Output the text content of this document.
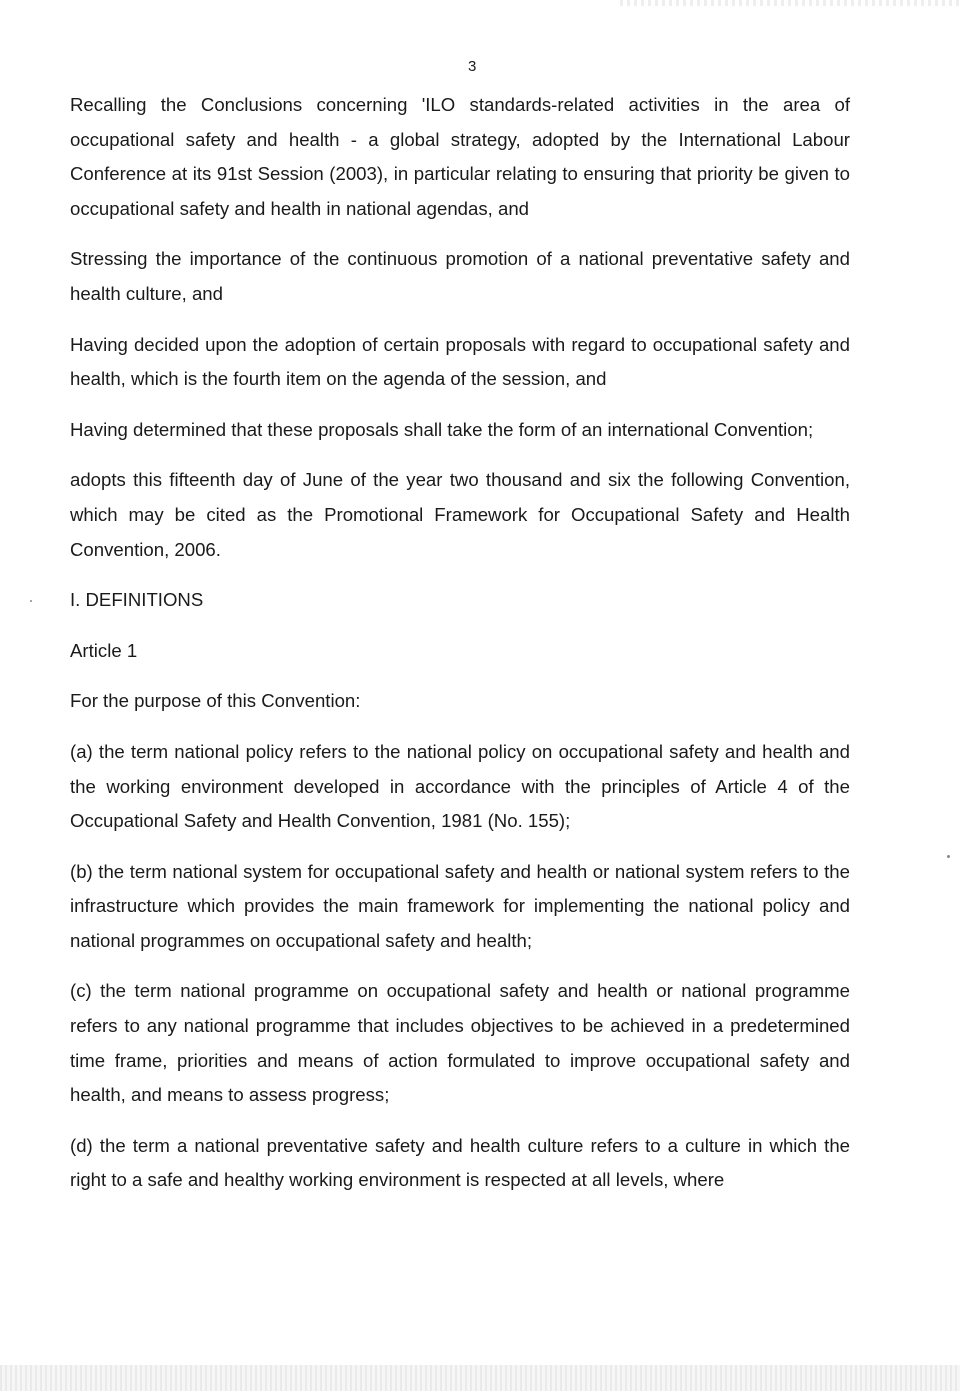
3

Recalling the Conclusions concerning 'ILO standards-related activities in the area of occupational safety and health - a global strategy, adopted by the International Labour Conference at its 91st Session (2003), in particular relating to ensuring that priority be given to occupational safety and health in national agendas, and

Stressing the importance of the continuous promotion of a national preventative safety and health culture, and

Having decided upon the adoption of certain proposals with regard to occupational safety and health, which is the fourth item on the agenda of the session, and

Having determined that these proposals shall take the form of an international Convention;

adopts this fifteenth day of June of the year two thousand and six the following Convention, which may be cited as the Promotional Framework for Occupational Safety and Health Convention, 2006.

I. DEFINITIONS
Article 1
For the purpose of this Convention:

(a) the term national policy refers to the national policy on occupational safety and health and the working environment developed in accordance with the principles of Article 4 of the Occupational Safety and Health Convention, 1981 (No. 155);

(b) the term national system for occupational safety and health or national system refers to the infrastructure which provides the main framework for implementing the national policy and national programmes on occupational safety and health;

(c) the term national programme on occupational safety and health or national programme refers to any national programme that includes objectives to be achieved in a predetermined time frame, priorities and means of action formulated to improve occupational safety and health, and means to assess progress;

(d) the term a national preventative safety and health culture refers to a culture in which the right to a safe and healthy working environment is respected at all levels, where
